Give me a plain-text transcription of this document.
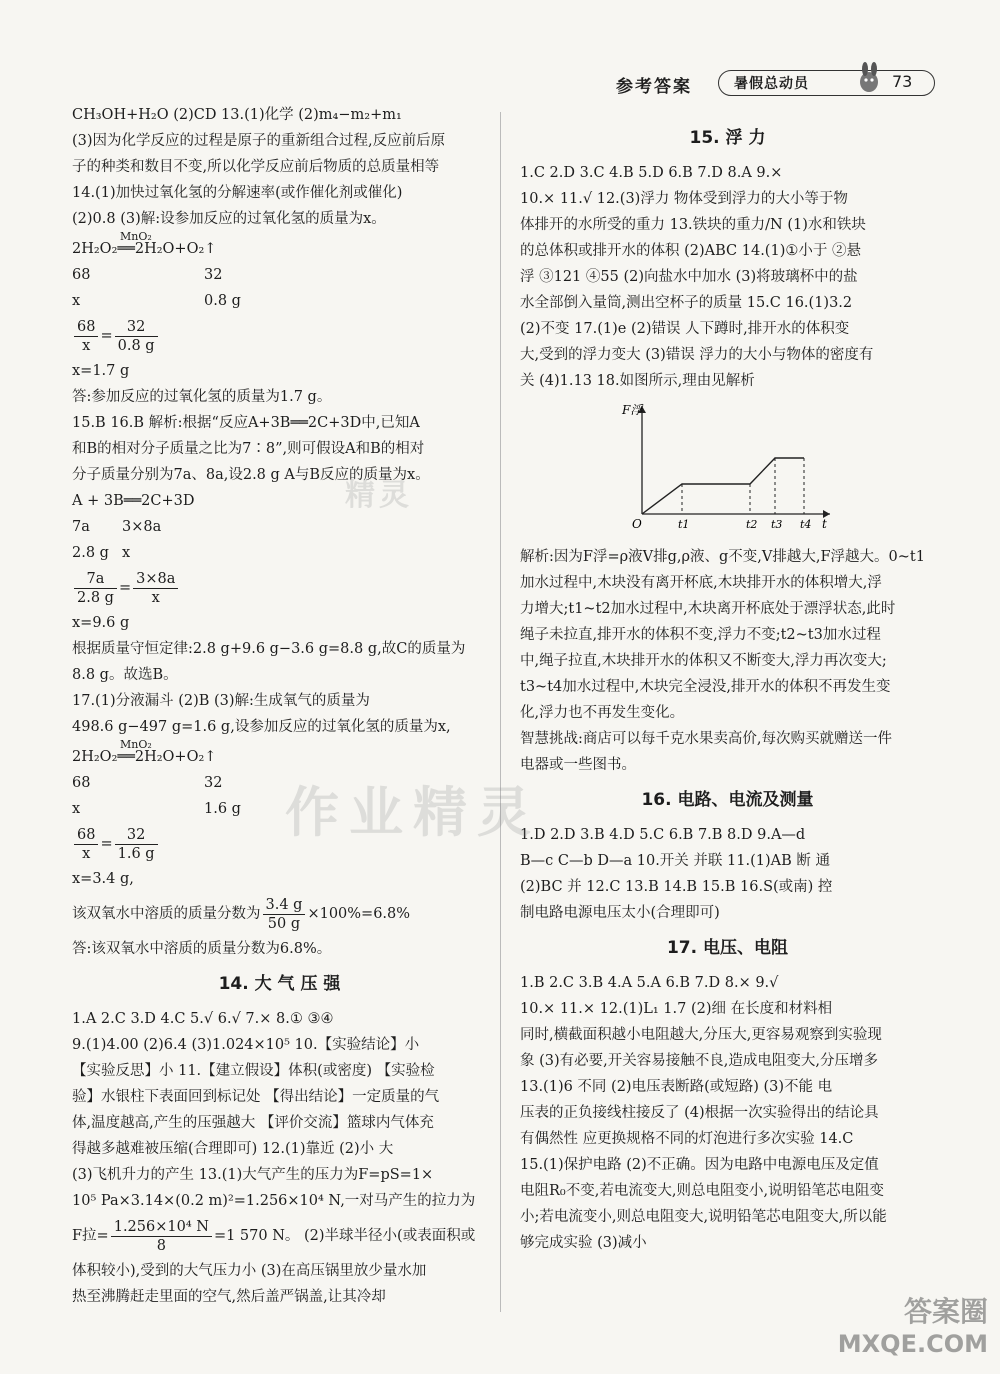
参考答案	暑假总动员	73
CH₃OH+H₂O (2)CD 13.(1)化学 (2)m₄−m₂+m₁
(3)因为化学反应的过程是原子的重新组合过程,反应前后原
子的种类和数目不变,所以化学反应前后物质的总质量相等
14.(1)加快过氧化氢的分解速率(或作催化剂或催化)
(2)0.8 (3)解:设参加反应的过氧化氢的质量为x。
MnO₂
2H₂O₂══2H₂O+O₂↑
68	32
x	0.8 g
$\frac{68}{x} = \frac{32}{0.8 g}$
x=1.7 g
答:参加反应的过氧化氢的质量为1.7 g。
15.B 16.B 解析:根据“反应A+3B══2C+3D中,已知A
和B的相对分子质量之比为7∶8”,则可假设A和B的相对
分子质量分别为7a、8a,设2.8 g A与B反应的质量为x。
A + 3B══2C+3D
7a 3×8a
2.8 g x
$\frac{7a}{2.8 g} = \frac{3\times 8a}{x}$
x=9.6 g
根据质量守恒定律:2.8 g+9.6 g−3.6 g=8.8 g,故C的质量为
8.8 g。故选B。
17.(1)分液漏斗 (2)B (3)解:生成氧气的质量为
498.6 g−497 g=1.6 g,设参加反应的过氧化氢的质量为x,
MnO₂
2H₂O₂══2H₂O+O₂↑
68	32
x	1.6 g
$\frac{68}{x} = \frac{32}{1.6 g}$
x=3.4 g,
该双氧水中溶质的质量分数为 $\frac{3.4 g}{50 g} \times 100\%=6.8\%$
答:该双氧水中溶质的质量分数为6.8%。
14. 大 气 压 强
1.A 2.C 3.D 4.C 5.√ 6.√ 7.× 8.① ③④
9.(1)4.00 (2)6.4 (3)1.024×10⁵ 10.【实验结论】小
【实验反思】小 11.【建立假设】体积(或密度) 【实验检
验】水银柱下表面回到标记处 【得出结论】一定质量的气
体,温度越高,产生的压强越大 【评价交流】篮球内气体充
得越多越难被压缩(合理即可) 12.(1)靠近 (2)小 大
(3)飞机升力的产生 13.(1)大气产生的压力为F=pS=1×
10⁵ Pa×3.14×(0.2 m)²=1.256×10⁴ N,一对马产生的拉力为
F拉= $\frac{\text{1.256×10⁴ N}}{8} =1$ 570 N。 (2)半球半径小(或表面积或
体积较小),受到的大气压力小 (3)在高压锅里放少量水加
热至沸腾赶走里面的空气,然后盖严锅盖,让其冷却
15. 浮 力
1.C 2.D 3.C 4.B 5.D 6.B 7.D 8.A 9.×
10.× 11.√ 12.(3)浮力 物体受到浮力的大小等于物
体排开的水所受的重力 13.铁块的重力/N (1)水和铁块
的总体积或排开水的体积 (2)ABC 14.(1)①小于 ②悬
浮 ③121 ④55 (2)向盐水中加水 (3)将玻璃杯中的盐
水全部倒入量筒,测出空杯子的质量 15.C 16.(1)3.2
(2)不变 17.(1)e (2)错误 人下蹲时,排开水的体积变
大,受到的浮力变大 (3)错误 浮力的大小与物体的密度有
关 (4)1.13 18.如图所示,理由见解析
F浮
O	t1	t2 t3 t4 t
解析:因为F浮=ρ液V排g,ρ液、g不变,V排越大,F浮越大。0~t1
加水过程中,木块没有离开杯底,木块排开水的体积增大,浮
力增大;t1~t2加水过程中,木块离开杯底处于漂浮状态,此时
绳子未拉直,排开水的体积不变,浮力不变;t2~t3加水过程
中,绳子拉直,木块排开水的体积又不断变大,浮力再次变大;
t3~t4加水过程中,木块完全浸没,排开水的体积不再发生变
化,浮力也不再发生变化。
智慧挑战:商店可以每千克水果卖高价,每次购买就赠送一件
电器或一些图书。
16. 电路、电流及测量
1.D 2.D 3.B 4.D 5.C 6.B 7.B 8.D 9.A—d
B—c C—b D—a 10.开关 并联 11.(1)AB 断 通
(2)BC 并 12.C 13.B 14.B 15.B 16.S(或南) 控
制电路电源电压太小(合理即可)
17. 电压、电阻
1.B 2.C 3.B 4.A 5.A 6.B 7.D 8.× 9.√
10.× 11.× 12.(1)L₁ 1.7 (2)细 在长度和材料相
同时,横截面积越小电阻越大,分压大,更容易观察到实验现
象 (3)有必要,开关容易接触不良,造成电阻变大,分压增多
13.(1)6 不同 (2)电压表断路(或短路) (3)不能 电
压表的正负接线柱接反了 (4)根据一次实验得出的结论具
有偶然性 应更换规格不同的灯泡进行多次实验 14.C
15.(1)保护电路 (2)不正确。因为电路中电源电压及定值
电阻R₀不变,若电流变大,则总电阻变小,说明铅笔芯电阻变
小;若电流变小,则总电阻变大,说明铅笔芯电阻变大,所以能
够完成实验 (3)减小
作业精灵
精灵
答案圈
MXQE.COM
